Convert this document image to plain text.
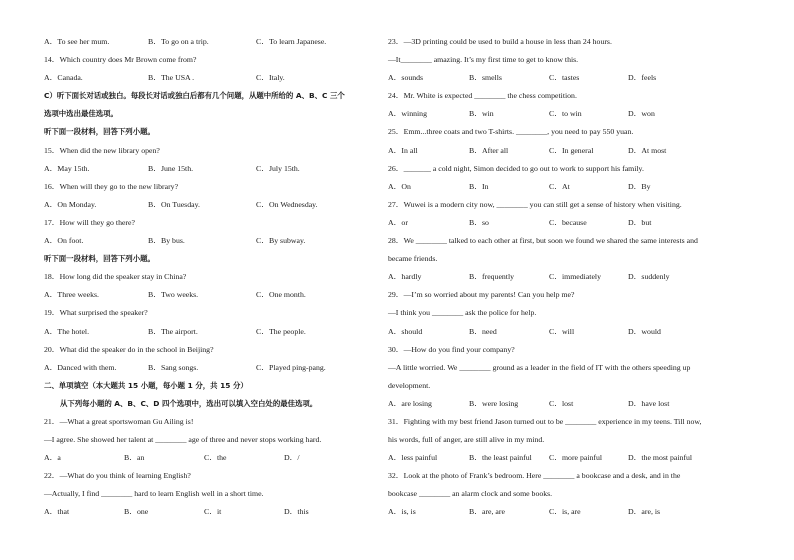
A．To see her mum.	B．To go on a trip.	C．To learn Japanese.
14．Which country does Mr Brown come from?
A．Canada.	B．The USA .	C．Italy.
C）听下面长对话或独白。每段长对话或独白后都有几个问题，从题中所给的 A、B、C 三个
选项中选出最佳选项。
听下面一段材料，回答下列小题。
15．When did the new library open?
A．May 15th.	B．June 15th.	C．July 15th.
16．When will they go to the new library?
A．On Monday.	B．On Tuesday.	C．On Wednesday.
17．How will they go there?
A．On foot.	B．By bus.	C．By subway.
听下面一段材料，回答下列小题。
18．How long did the speaker stay in China?
A．Three weeks.	B．Two weeks.	C．One month.
19．What surprised the speaker?
A．The hotel.	B．The airport.	C．The people.
20．What did the speaker do in the school in Beijing?
A．Danced with them.	B．Sang songs.	C．Played ping-pang.
二、单项填空（本大题共 15 小题，每小题 1 分，共 15 分）
从下列每小题的 A、B、C、D 四个选项中，选出可以填入空白处的最佳选项。
21．—What a great sportswoman Gu Ailing is!
—I agree. She showed her talent at ________ age of three and never stops working hard.
A．a	B．an	C．the	D．/
22．—What do you think of learning English?
—Actually, I find ________ hard to learn English well in a short time.
A．that	B．one	C．it	D．this
23．—3D printing could be used to build a house in less than 24 hours.
—It________ amazing. It’s my first time to get to know this.
A．sounds	B．smells	C．tastes	D．feels
24．Mr. White is expected ________ the chess competition.
A．winning	B．win	C．to win	D．won
25．Emm...three coats and two T-shirts. ________, you need to pay 550 yuan.
A．In all	B．After all	C．In general	D．At most
26．_______ a cold night, Simon decided to go out to work to support his family.
A．On	B．In	C．At	D．By
27．Wuwei is a modern city now, ________ you can still get a sense of history when visiting.
A．or	B．so	C．because	D．but
28．We ________ talked to each other at first, but soon we found we shared the same interests and
became friends.
A．hardly	B．frequently	C．immediately	D．suddenly
29．—I’m so worried about my parents! Can you help me?
—I think you ________ ask the police for help.
A．should	B．need	C．will	D．would
30．—How do you find your company?
—A little worried. We ________ ground as a leader in the field of IT with the others speeding up
development.
A．are losing	B．were losing	C．lost	D．have lost
31．Fighting with my best friend Jason turned out to be ________ experience in my teens. Till now,
his words, full of anger, are still alive in my mind.
A．less painful	B．the least painful C．more painful	D．the most painful
32．Look at the photo of Frank’s bedroom. Here ________ a bookcase and a desk, and in the
bookcase ________ an alarm clock and some books.
A．is, is	B．are, are	C．is, are	D．are, is
